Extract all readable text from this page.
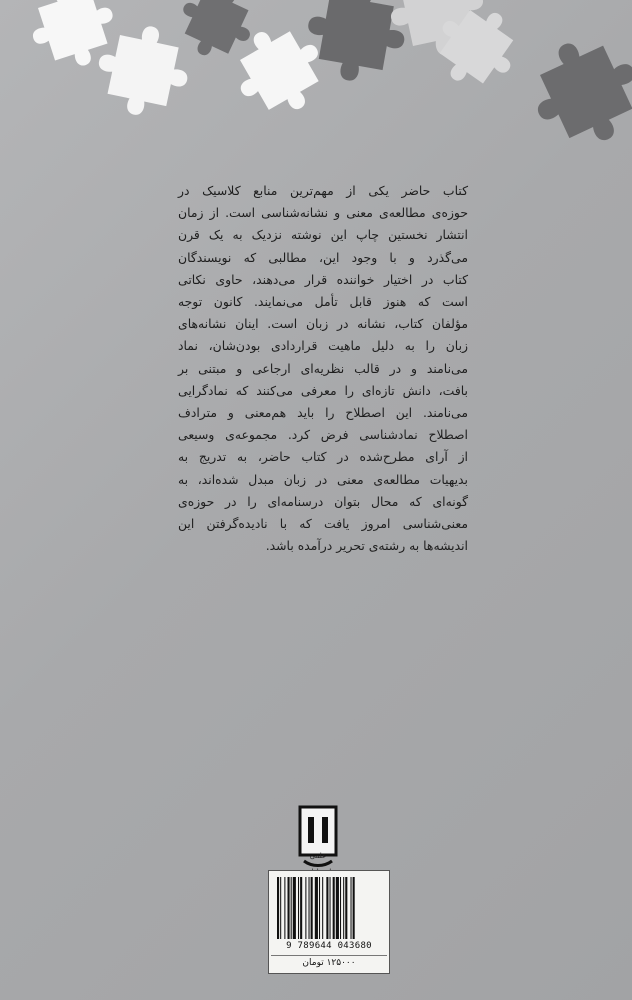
کتاب حاضر یکی از مهم‌ترین منابع کلاسیک در
حوزه‌ی مطالعه‌ی معنی و نشانه‌شناسی است. از زمان
انتشار نخستین چاپ این نوشته نزدیک به یک قرن
می‌گذرد و با وجود این، مطالبی که نویسندگان
کتاب در اختیار خواننده قرار می‌دهند، حاوی نکاتی
است که هنوز قابل تأمل می‌نمایند. کانون توجه
مؤلفان کتاب، نشانه در زبان است. اینان نشانه‌های
زبان را به دلیل ماهیت قراردادی بودن‌شان، نماد
می‌نامند و در قالب نظریه‌ای ارجاعی و مبتنی بر
بافت، دانش تازه‌ای را معرفی می‌کنند که نمادگرایی
می‌نامند. این اصطلاح را باید هم‌معنی و مترادف
اصطلاح نمادشناسی فرض کرد. مجموعه‌ی وسیعی
از آرای مطرح‌شده در کتاب حاضر، به تدریج به
بدیهیات مطالعه‌ی معنی در زبان مبدل شده‌اند، به
گونه‌ای که محال بتوان درسنامه‌ای را در حوزه‌ی
معنی‌شناسی امروز یافت که با نادیده‌گرفتن این
اندیشه‌ها به رشته‌ی تحریر درآمده باشد.
علمی
9 789644 043680
۱۲۵۰۰۰ تومان
